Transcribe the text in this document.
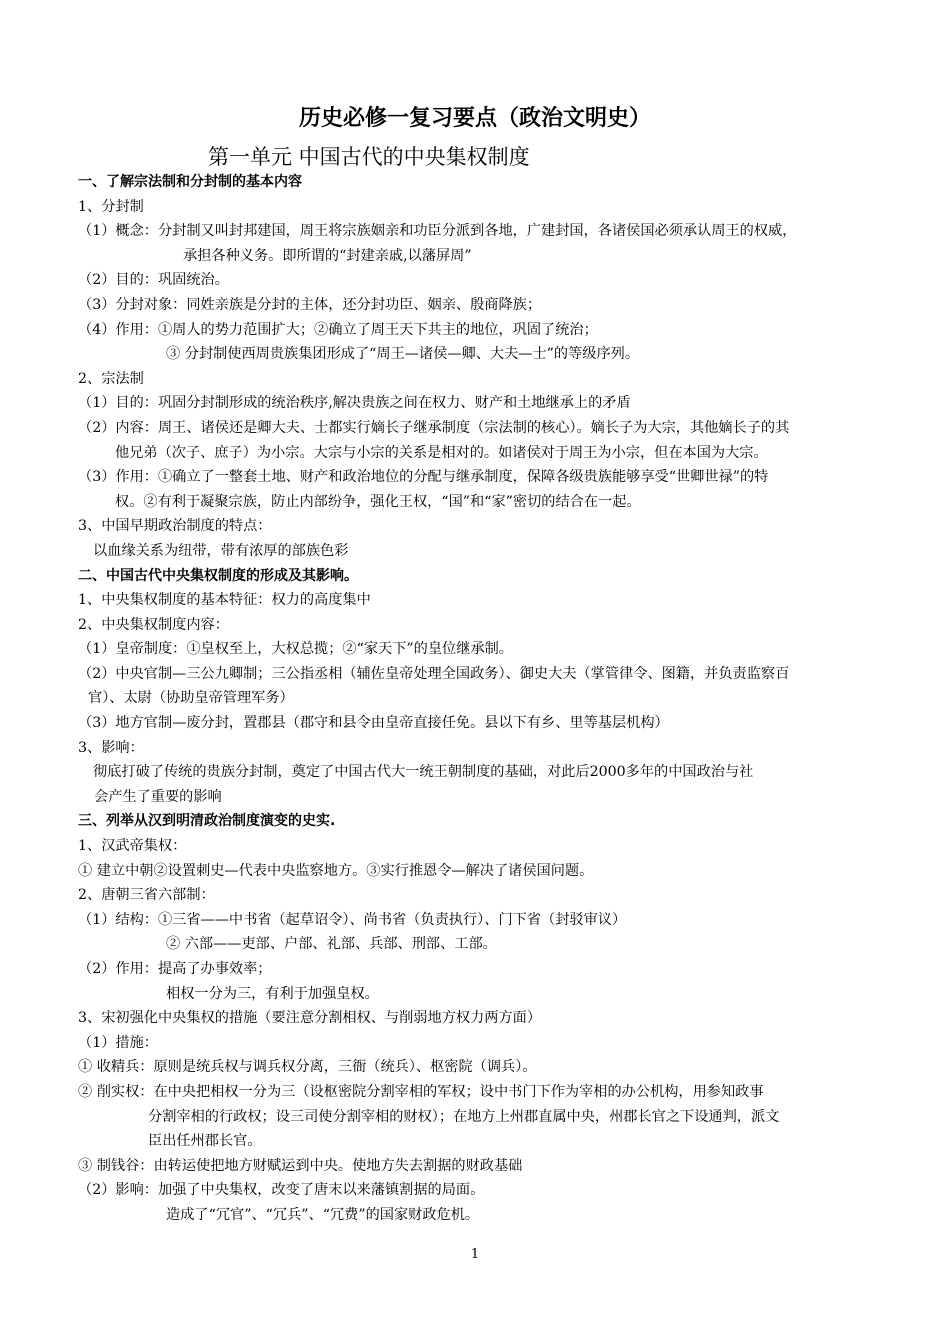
历史必修一复习要点（政治文明史）
第一单元 中国古代的中央集权制度
一、了解宗法制和分封制的基本内容
1、分封制
（1）概念：分封制又叫封邦建国，周王将宗族姻亲和功臣分派到各地，广建封国，各诸侯国必须承认周王的权威，
承担各种义务。即所谓的“封建亲戚,以藩屏周”
（2）目的：巩固统治。
（3）分封对象：同姓亲族是分封的主体，还分封功臣、姻亲、殷商降族；
（4）作用：①周人的势力范围扩大；②确立了周王天下共主的地位，巩固了统治；
③ 分封制使西周贵族集团形成了“周王—诸侯—卿、大夫—士”的等级序列。
2、宗法制
（1）目的：巩固分封制形成的统治秩序,解决贵族之间在权力、财产和土地继承上的矛盾
（2）内容：周王、诸侯还是卿大夫、士都实行嫡长子继承制度（宗法制的核心）。嫡长子为大宗，其他嫡长子的其
他兄弟（次子、庶子）为小宗。大宗与小宗的关系是相对的。如诸侯对于周王为小宗，但在本国为大宗。
（3）作用：①确立了一整套土地、财产和政治地位的分配与继承制度，保障各级贵族能够享受“世卿世禄”的特
权。②有利于凝聚宗族，防止内部纷争，强化王权，“国”和“家”密切的结合在一起。
3、中国早期政治制度的特点：
以血缘关系为纽带，带有浓厚的部族色彩
二、中国古代中央集权制度的形成及其影响。
1、中央集权制度的基本特征：权力的高度集中
2、中央集权制度内容：
（1）皇帝制度：①皇权至上，大权总揽；②“家天下”的皇位继承制。
（2）中央官制—三公九卿制；三公指丞相（辅佐皇帝处理全国政务）、御史大夫（掌管律令、图籍，并负责监察百
官）、太尉（协助皇帝管理军务）
（3）地方官制—废分封，置郡县（郡守和县令由皇帝直接任免。县以下有乡、里等基层机构）
3、影响：
彻底打破了传统的贵族分封制，奠定了中国古代大一统王朝制度的基础，对此后2000多年的中国政治与社
会产生了重要的影响
三、列举从汉到明清政治制度演变的史实.
1、汉武帝集权：
① 建立中朝②设置刺史—代表中央监察地方。③实行推恩令—解决了诸侯国问题。
2、唐朝三省六部制：
（1）结构：①三省——中书省（起草诏令）、尚书省（负责执行）、门下省（封驳审议）
② 六部——吏部、户部、礼部、兵部、刑部、工部。
（2）作用：提高了办事效率；
相权一分为三，有利于加强皇权。
3、宋初强化中央集权的措施（要注意分割相权、与削弱地方权力两方面）
（1）措施：
① 收精兵：原则是统兵权与调兵权分离，三衙（统兵）、枢密院（调兵）。
② 削实权：在中央把相权一分为三（设枢密院分割宰相的军权；设中书门下作为宰相的办公机构，用参知政事
分割宰相的行政权；设三司使分割宰相的财权）；在地方上州郡直属中央，州郡长官之下设通判，派文
臣出任州郡长官。
③ 制钱谷：由转运使把地方财赋运到中央。使地方失去割据的财政基础
（2）影响：加强了中央集权，改变了唐末以来藩镇割据的局面。
造成了“冗官”、“冗兵”、“冗费”的国家财政危机。
1
